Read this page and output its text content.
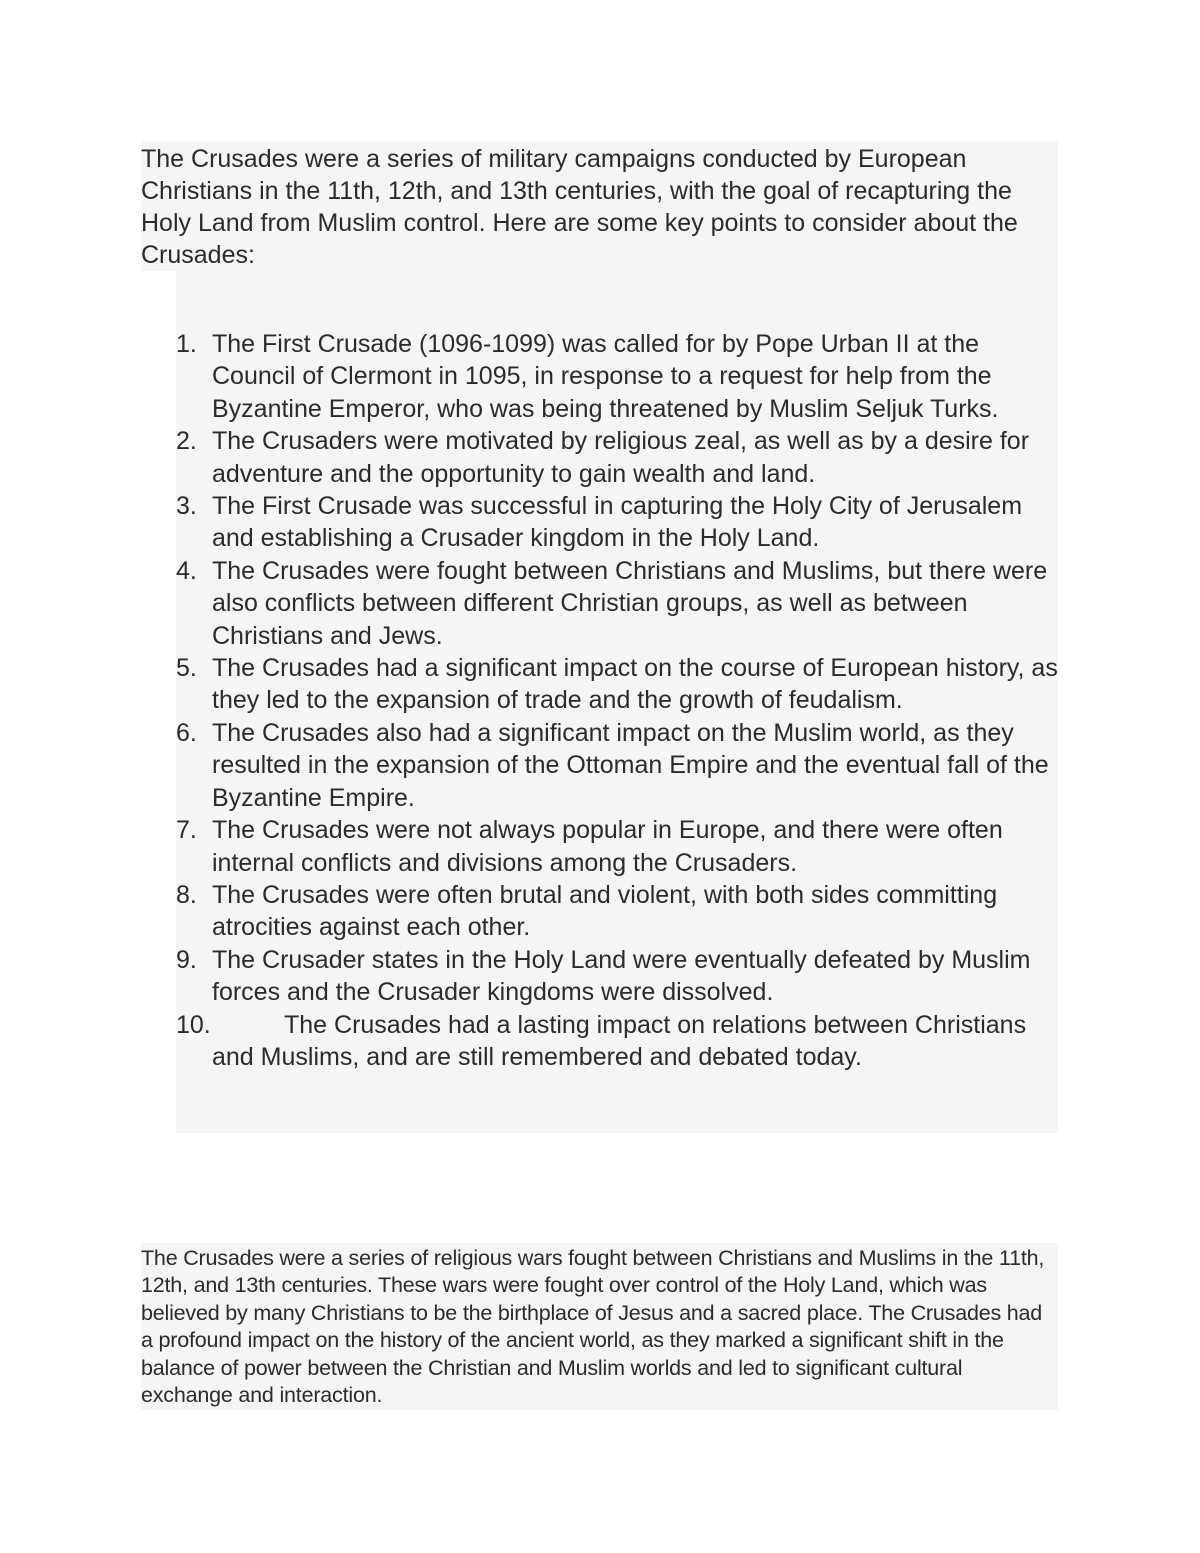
The Crusades were a series of military campaigns conducted by European Christians in the 11th, 12th, and 13th centuries, with the goal of recapturing the Holy Land from Muslim control. Here are some key points to consider about the Crusades:

1. The First Crusade (1096-1099) was called for by Pope Urban II at the Council of Clermont in 1095, in response to a request for help from the Byzantine Emperor, who was being threatened by Muslim Seljuk Turks.
2. The Crusaders were motivated by religious zeal, as well as by a desire for adventure and the opportunity to gain wealth and land.
3. The First Crusade was successful in capturing the Holy City of Jerusalem and establishing a Crusader kingdom in the Holy Land.
4. The Crusades were fought between Christians and Muslims, but there were also conflicts between different Christian groups, as well as between Christians and Jews.
5. The Crusades had a significant impact on the course of European history, as they led to the expansion of trade and the growth of feudalism.
6. The Crusades also had a significant impact on the Muslim world, as they resulted in the expansion of the Ottoman Empire and the eventual fall of the Byzantine Empire.
7. The Crusades were not always popular in Europe, and there were often internal conflicts and divisions among the Crusaders.
8. The Crusades were often brutal and violent, with both sides committing atrocities against each other.
9. The Crusader states in the Holy Land were eventually defeated by Muslim forces and the Crusader kingdoms were dissolved.
10.	The Crusades had a lasting impact on relations between Christians and Muslims, and are still remembered and debated today.

The Crusades were a series of religious wars fought between Christians and Muslims in the 11th, 12th, and 13th centuries. These wars were fought over control of the Holy Land, which was believed by many Christians to be the birthplace of Jesus and a sacred place. The Crusades had a profound impact on the history of the ancient world, as they marked a significant shift in the balance of power between the Christian and Muslim worlds and led to significant cultural exchange and interaction.
